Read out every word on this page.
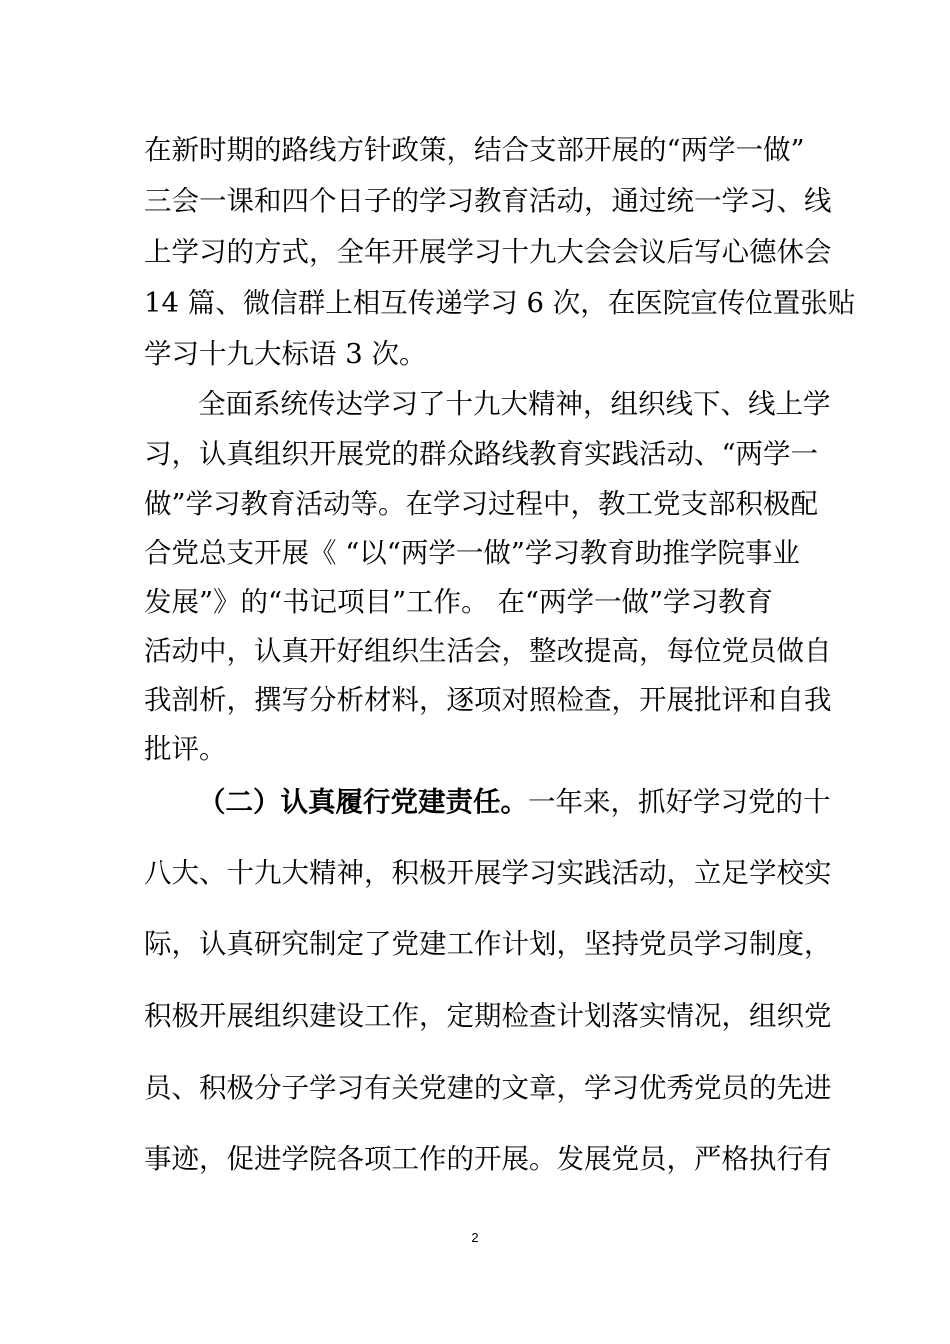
在新时期的路线方针政策，结合支部开展的“两学一做”
三会一课和四个日子的学习教育活动，通过统一学习、线
上学习的方式，全年开展学习十九大会会议后写心德休会
14 篇、微信群上相互传递学习 6 次，在医院宣传位置张贴
学习十九大标语 3 次。
全面系统传达学习了十九大精神，组织线下、线上学
习，认真组织开展党的群众路线教育实践活动、“两学一
做”学习教育活动等。在学习过程中，教工党支部积极配
合党总支开展《 “以“两学一做”学习教育助推学院事业
发展”》的“书记项目”工作。 在“两学一做”学习教育
活动中，认真开好组织生活会，整改提高，每位党员做自
我剖析，撰写分析材料，逐项对照检查，开展批评和自我
批评。
（二）认真履行党建责任。一年来，抓好学习党的十
八大、十九大精神，积极开展学习实践活动，立足学校实
际，认真研究制定了党建工作计划，坚持党员学习制度，
积极开展组织建设工作，定期检查计划落实情况，组织党
员、积极分子学习有关党建的文章，学习优秀党员的先进
事迹，促进学院各项工作的开展。发展党员，严格执行有
2
